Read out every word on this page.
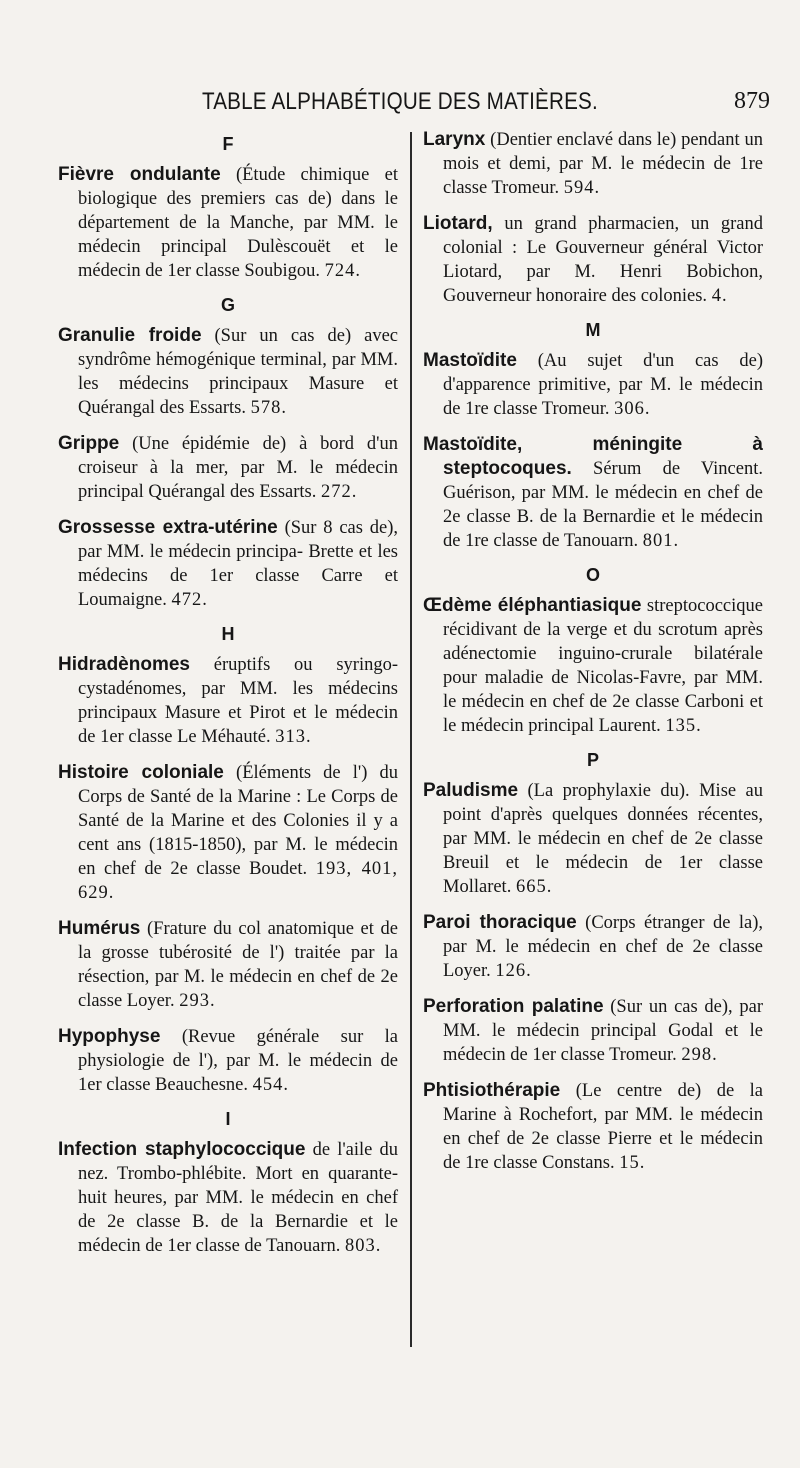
TABLE ALPHABÉTIQUE DES MATIÈRES.	879
F
Fièvre ondulante (Étude chimique et biologique des premiers cas de) dans le département de la Manche, par MM. le médecin principal Dulèscouët et le médecin de 1er classe Soubigou. 724.
G
Granulie froide (Sur un cas de) avec syndrôme hémogénique terminal, par MM. les médecins principaux Masure et Quérangal des Essarts. 578.
Grippe (Une épidémie de) à bord d'un croiseur à la mer, par M. le médecin principal Quérangal des Essarts. 272.
Grossesse extra-utérine (Sur 8 cas de), par MM. le médecin principa- Brette et les médecins de 1er classe Carre et Loumaigne. 472.
H
Hidradènomes éruptifs ou syringo-cystadénomes, par MM. les médecins principaux Masure et Pirot et le médecin de 1er classe Le Méhauté. 313.
Histoire coloniale (Éléments de l') du Corps de Santé de la Marine : Le Corps de Santé de la Marine et des Colonies il y a cent ans (1815-1850), par M. le médecin en chef de 2e classe Boudet. 193, 401, 629.
Humérus (Frature du col anatomique et de la grosse tubérosité de l') traitée par la résection, par M. le médecin en chef de 2e classe Loyer. 293.
Hypophyse (Revue générale sur la physiologie de l'), par M. le médecin de 1er classe Beauchesne. 454.
I
Infection staphylococcique de l'aile du nez. Trombo-phlébite. Mort en quarante-huit heures, par MM. le médecin en chef de 2e classe B. de la Bernardie et le médecin de 1er classe de Tanouarn. 803.
Larynx (Dentier enclavé dans le) pendant un mois et demi, par M. le médecin de 1re classe Tromeur. 594.
Liotard, un grand pharmacien, un grand colonial : Le Gouverneur général Victor Liotard, par M. Henri Bobichon, Gouverneur honoraire des colonies. 4.
M
Mastoïdite (Au sujet d'un cas de) d'apparence primitive, par M. le médecin de 1re classe Tromeur. 306.
Mastoïdite, méningite à steptocoques. Sérum de Vincent. Guérison, par MM. le médecin en chef de 2e classe B. de la Bernardie et le médecin de 1re classe de Tanouarn. 801.
O
Œdème éléphantiasique streptococcique récidivant de la verge et du scrotum après adénectomie inguino-crurale bilatérale pour maladie de Nicolas-Favre, par MM. le médecin en chef de 2e classe Carboni et le médecin principal Laurent. 135.
P
Paludisme (La prophylaxie du). Mise au point d'après quelques données récentes, par MM. le médecin en chef de 2e classe Breuil et le médecin de 1er classe Mollaret. 665.
Paroi thoracique (Corps étranger de la), par M. le médecin en chef de 2e classe Loyer. 126.
Perforation palatine (Sur un cas de), par MM. le médecin principal Godal et le médecin de 1er classe Tromeur. 298.
Phtisiothérapie (Le centre de) de la Marine à Rochefort, par MM. le médecin en chef de 2e classe Pierre et le médecin de 1re classe Constans. 15.
